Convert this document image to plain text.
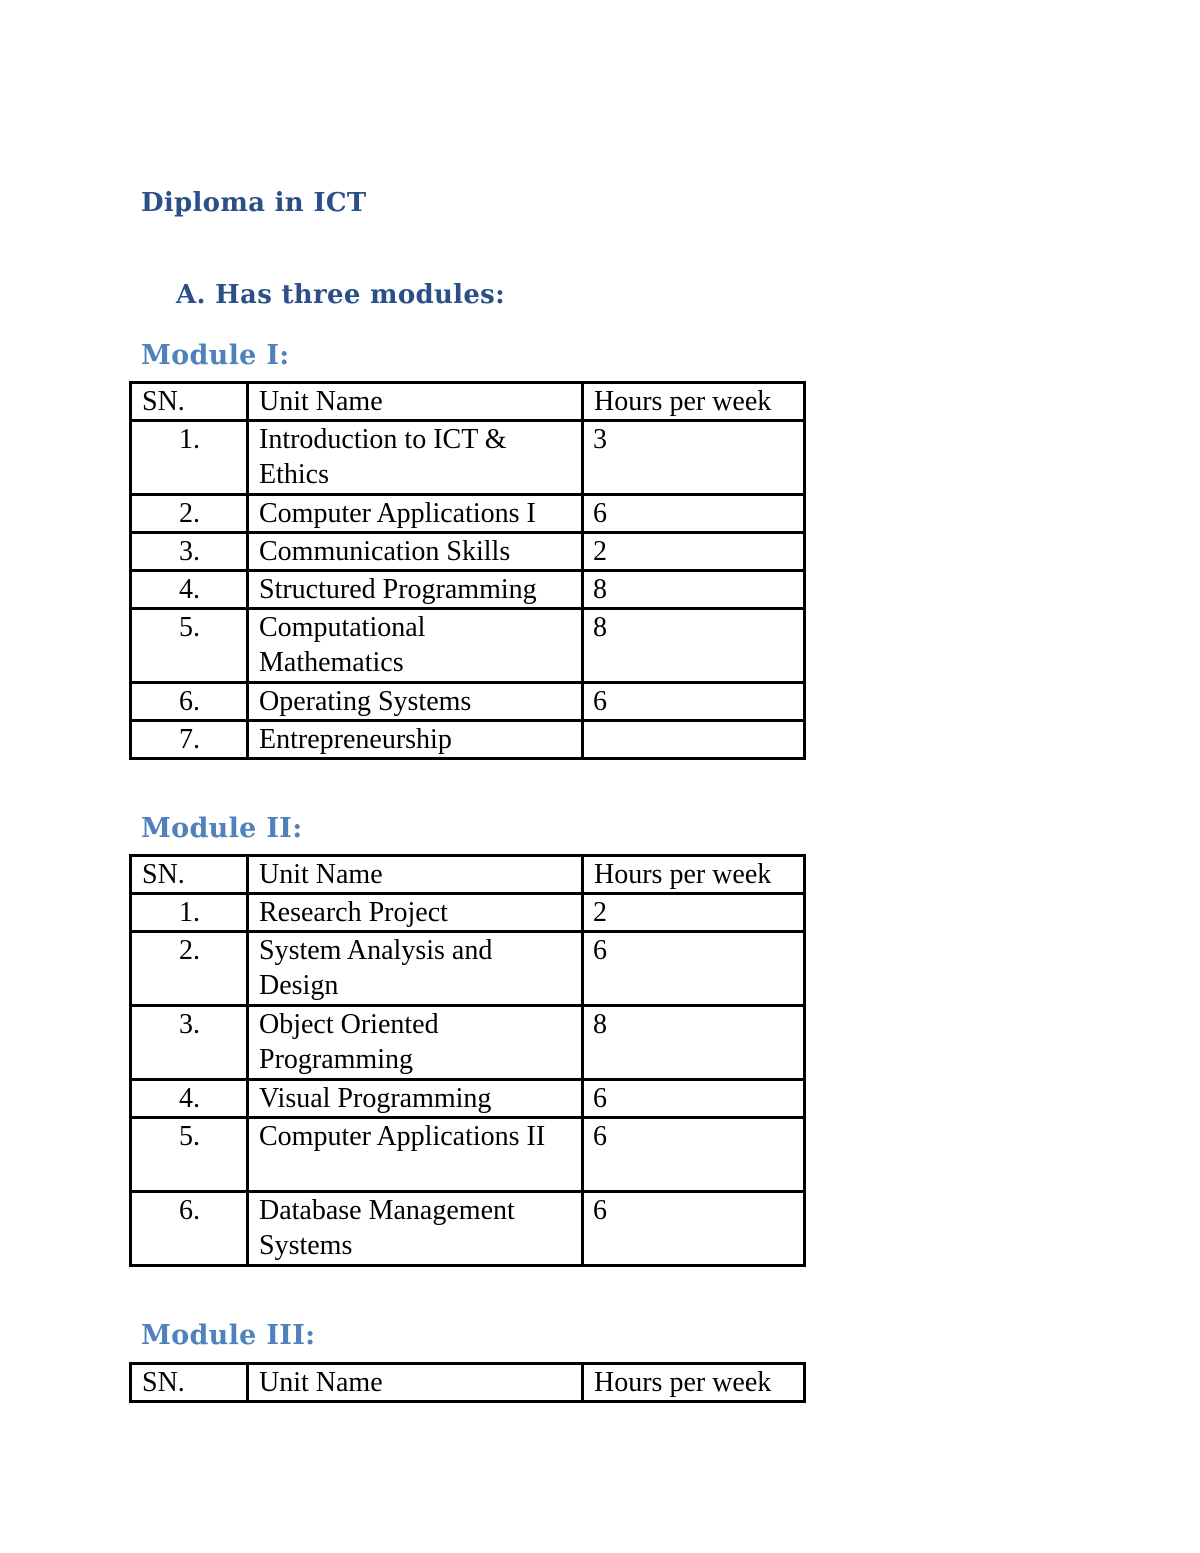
Diploma in ICT
A. Has three modules:
Module I:
SN.	Unit Name	Hours per week
1.	Introduction to ICT & Ethics	3
2.	Computer Applications I	6
3.	Communication Skills	2
4.	Structured Programming	8
5.	Computational Mathematics	8
6.	Operating Systems	6
7.	Entrepreneurship	
Module II:
SN.	Unit Name	Hours per week
1.	Research Project	2
2.	System Analysis and Design	6
3.	Object Oriented Programming	8
4.	Visual Programming	6
5.	Computer Applications II	6
6.	Database Management Systems	6
Module III:
SN.	Unit Name	Hours per week
